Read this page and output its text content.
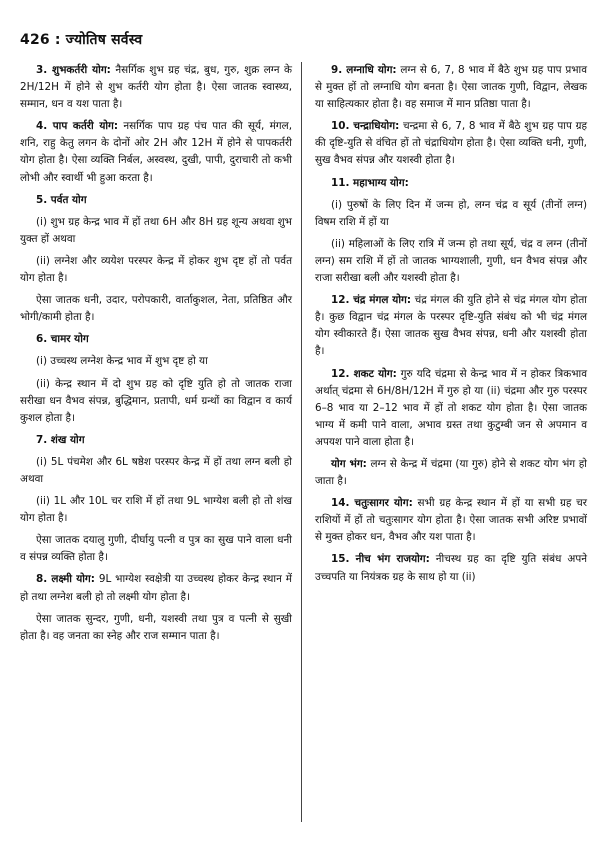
426 : ज्योतिष सर्वस्व

3. शुभकर्तरी योग: नैसर्गिक शुभ ग्रह चंद्र, बुध, गुरु, शुक्र लग्न के 2H/12H में होने से शुभ कर्तरी योग होता है। ऐसा जातक स्वास्थ्य, सम्मान, धन व यश पाता है।

4. पाप कर्तरी योग: नसर्गिक पाप ग्रह पंच पात की सूर्य, मंगल, शनि, राहु केतु लगन के दोनों ओर 2H और 12H में होने से पापकर्तरी योग होता है। ऐसा व्यक्ति निर्बल, अस्वस्थ, दुखी, पापी, दुराचारी तो कभी लोभी और स्वार्थी भी हुआ करता है।

5. पर्वत योग

(i) शुभ ग्रह केन्द्र भाव में हों तथा 6H और 8H ग्रह शून्य अथवा शुभ युक्त हों अथवा

(ii) लग्नेश और व्ययेश परस्पर केन्द्र में होकर शुभ दृष्ट हों तो पर्वत योग होता है।

ऐसा जातक धनी, उदार, परोपकारी, वार्ताकुशल, नेता, प्रतिष्ठित और भोगी/कामी होता है।

6. चामर योग

(i) उच्चस्थ लग्नेश केन्द्र भाव में शुभ दृष्ट हो या

(ii) केन्द्र स्थान में दो शुभ ग्रह को दृष्टि युति हो तो जातक राजा सरीखा धन वैभव संपन्न, बुद्धिमान, प्रतापी, धर्म ग्रन्थों का विद्वान व कार्य कुशल होता है।

7. शंख योग

(i) 5L पंचमेश और 6L षष्ठेश परस्पर केन्द्र में हों तथा लग्न बली हो अथवा

(ii) 1L और 10L चर राशि में हों तथा 9L भाग्येश बली हो तो शंख योग होता है।

ऐसा जातक दयालु गुणी, दीर्घायु पत्नी व पुत्र का सुख पाने वाला धनी व संपन्न व्यक्ति होता है।

8. लक्ष्मी योग: 9L भाग्येश स्वक्षेत्री या उच्चस्थ होकर केन्द्र स्थान में हो तथा लग्नेश बली हो तो लक्ष्मी योग होता है।

ऐसा जातक सुन्दर, गुणी, धनी, यशस्वी तथा पुत्र व पत्नी से सुखी होता है। वह जनता का स्नेह और राज सम्मान पाता है।

9. लग्नाधि योग: लग्न से 6, 7, 8 भाव में बैठे शुभ ग्रह पाप प्रभाव से मुक्त हों तो लग्नाधि योग बनता है। ऐसा जातक गुणी, विद्वान, लेखक या साहित्यकार होता है। वह समाज में मान प्रतिष्ठा पाता है।

10. चन्द्राधियोग: चन्द्रमा से 6, 7, 8 भाव में बैठे शुभ ग्रह पाप ग्रह की दृष्टि-युति से वंचित हों तो चंद्राधियोग होता है। ऐसा व्यक्ति धनी, गुणी, सुख वैभव संपन्न और यशस्वी होता है।

11. महाभाग्य योग:

(i) पुरुषों के लिए दिन में जन्म हो, लग्न चंद्र व सूर्य (तीनों लग्न) विषम राशि में हों या

(ii) महिलाओं के लिए रात्रि में जन्म हो तथा सूर्य, चंद्र व लग्न (तीनों लग्न) सम राशि में हों तो जातक भाग्यशाली, गुणी, धन वैभव संपन्न और राजा सरीखा बली और यशस्वी होता है।

12. चंद्र मंगल योग: चंद्र मंगल की युति होने से चंद्र मंगल योग होता है। कुछ विद्वान चंद्र मंगल के परस्पर दृष्टि-युति संबंध को भी चंद्र मंगल योग स्वीकारते हैं। ऐसा जातक सुख वैभव संपन्न, धनी और यशस्वी होता है।

12. शकट योग: गुरु यदि चंद्रमा से केन्द्र भाव में न होकर त्रिकभाव अर्थात् चंद्रमा से 6H/8H/12H में गुरु हो या (ii) चंद्रमा और गुरु परस्पर 6–8 भाव या 2–12 भाव में हों तो शकट योग होता है। ऐसा जातक भाग्य में कमी पाने वाला, अभाव ग्रस्त तथा कुटुम्बी जन से अपमान व अपयश पाने वाला होता है।

योग भंग: लग्न से केन्द्र में चंद्रमा (या गुरु) होने से शकट योग भंग हो जाता है।

14. चतुःसागर योग: सभी ग्रह केन्द्र स्थान में हों या सभी ग्रह चर राशियों में हों तो चतुःसागर योग होता है। ऐसा जातक सभी अरिष्ट प्रभावों से मुक्त होकर धन, वैभव और यश पाता है।

15. नीच भंग राजयोग: नीचस्थ ग्रह का दृष्टि युति संबंध अपने उच्चपति या नियंत्रक ग्रह के साथ हो या (ii)
